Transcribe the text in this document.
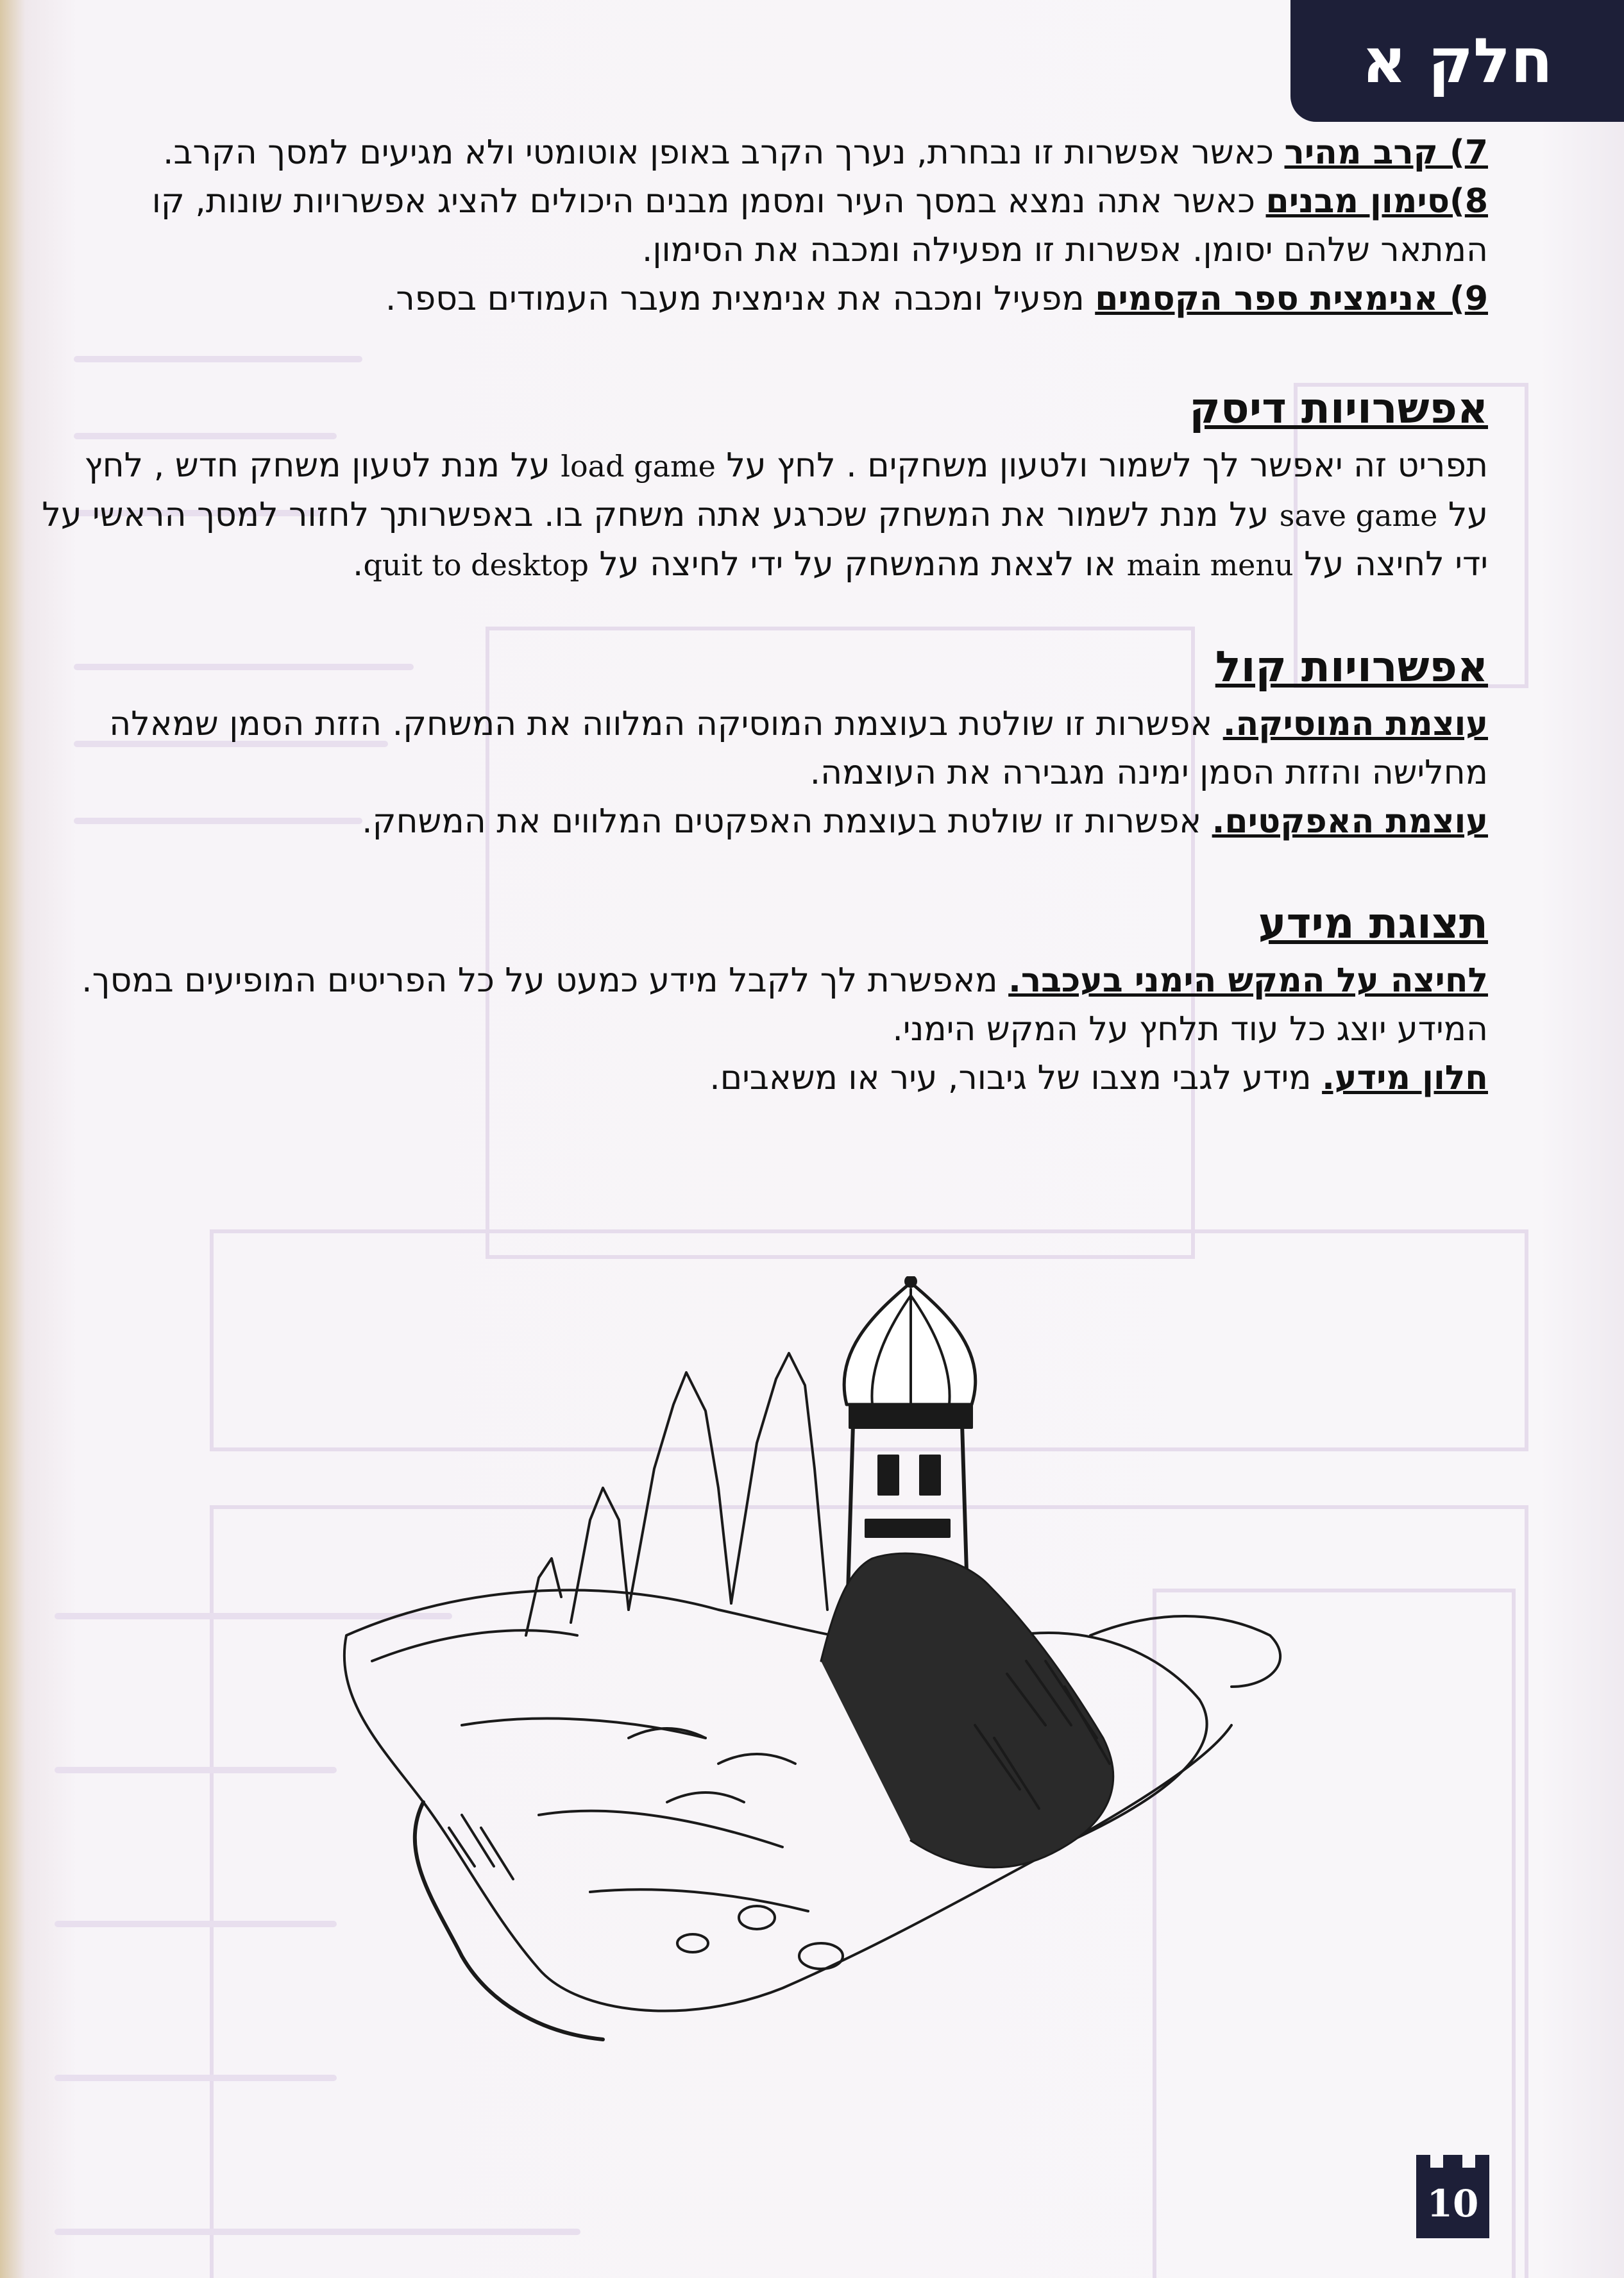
חלק א

7) קרב מהיר כאשר אפשרות זו נבחרת, נערך הקרב באופן אוטומטי ולא מגיעים למסך הקרב.

8)סימון מבנים כאשר אתה נמצא במסך העיר ומסמן מבנים היכולים להציג אפשרויות שונות, קו המתאר שלהם יסומן. אפשרות זו מפעילה ומכבה את הסימון.

9) אנימצית ספר הקסמים מפעיל ומכבה את אנימצית מעבר העמודים בספר.

אפשרויות דיסק

תפריט זה יאפשר לך לשמור ולטעון משחקים . לחץ על load game על מנת לטעון משחק חדש , לחץ על save game על מנת לשמור את המשחק שכרגע אתה משחק בו. באפשרותך לחזור למסך הראשי על ידי לחיצה על main menu או לצאת מהמשחק על ידי לחיצה על quit to desktop.

אפשרויות קול

עוצמת המוסיקה. אפשרות זו שולטת בעוצמת המוסיקה המלווה את המשחק. הזזת הסמן שמאלה מחלישה והזזת הסמן ימינה מגבירה את העוצמה.

עוצמת האפקטים. אפשרות זו שולטת בעוצמת האפקטים המלווים את המשחק.

תצוגת מידע

לחיצה על המקש הימני בעכבר. מאפשרת לך לקבל מידע כמעט על כל הפריטים המופיעים במסך. המידע יוצג כל עוד תלחץ על המקש הימני.

חלון מידע. מידע לגבי מצבו של גיבור, עיר או משאבים.

10
